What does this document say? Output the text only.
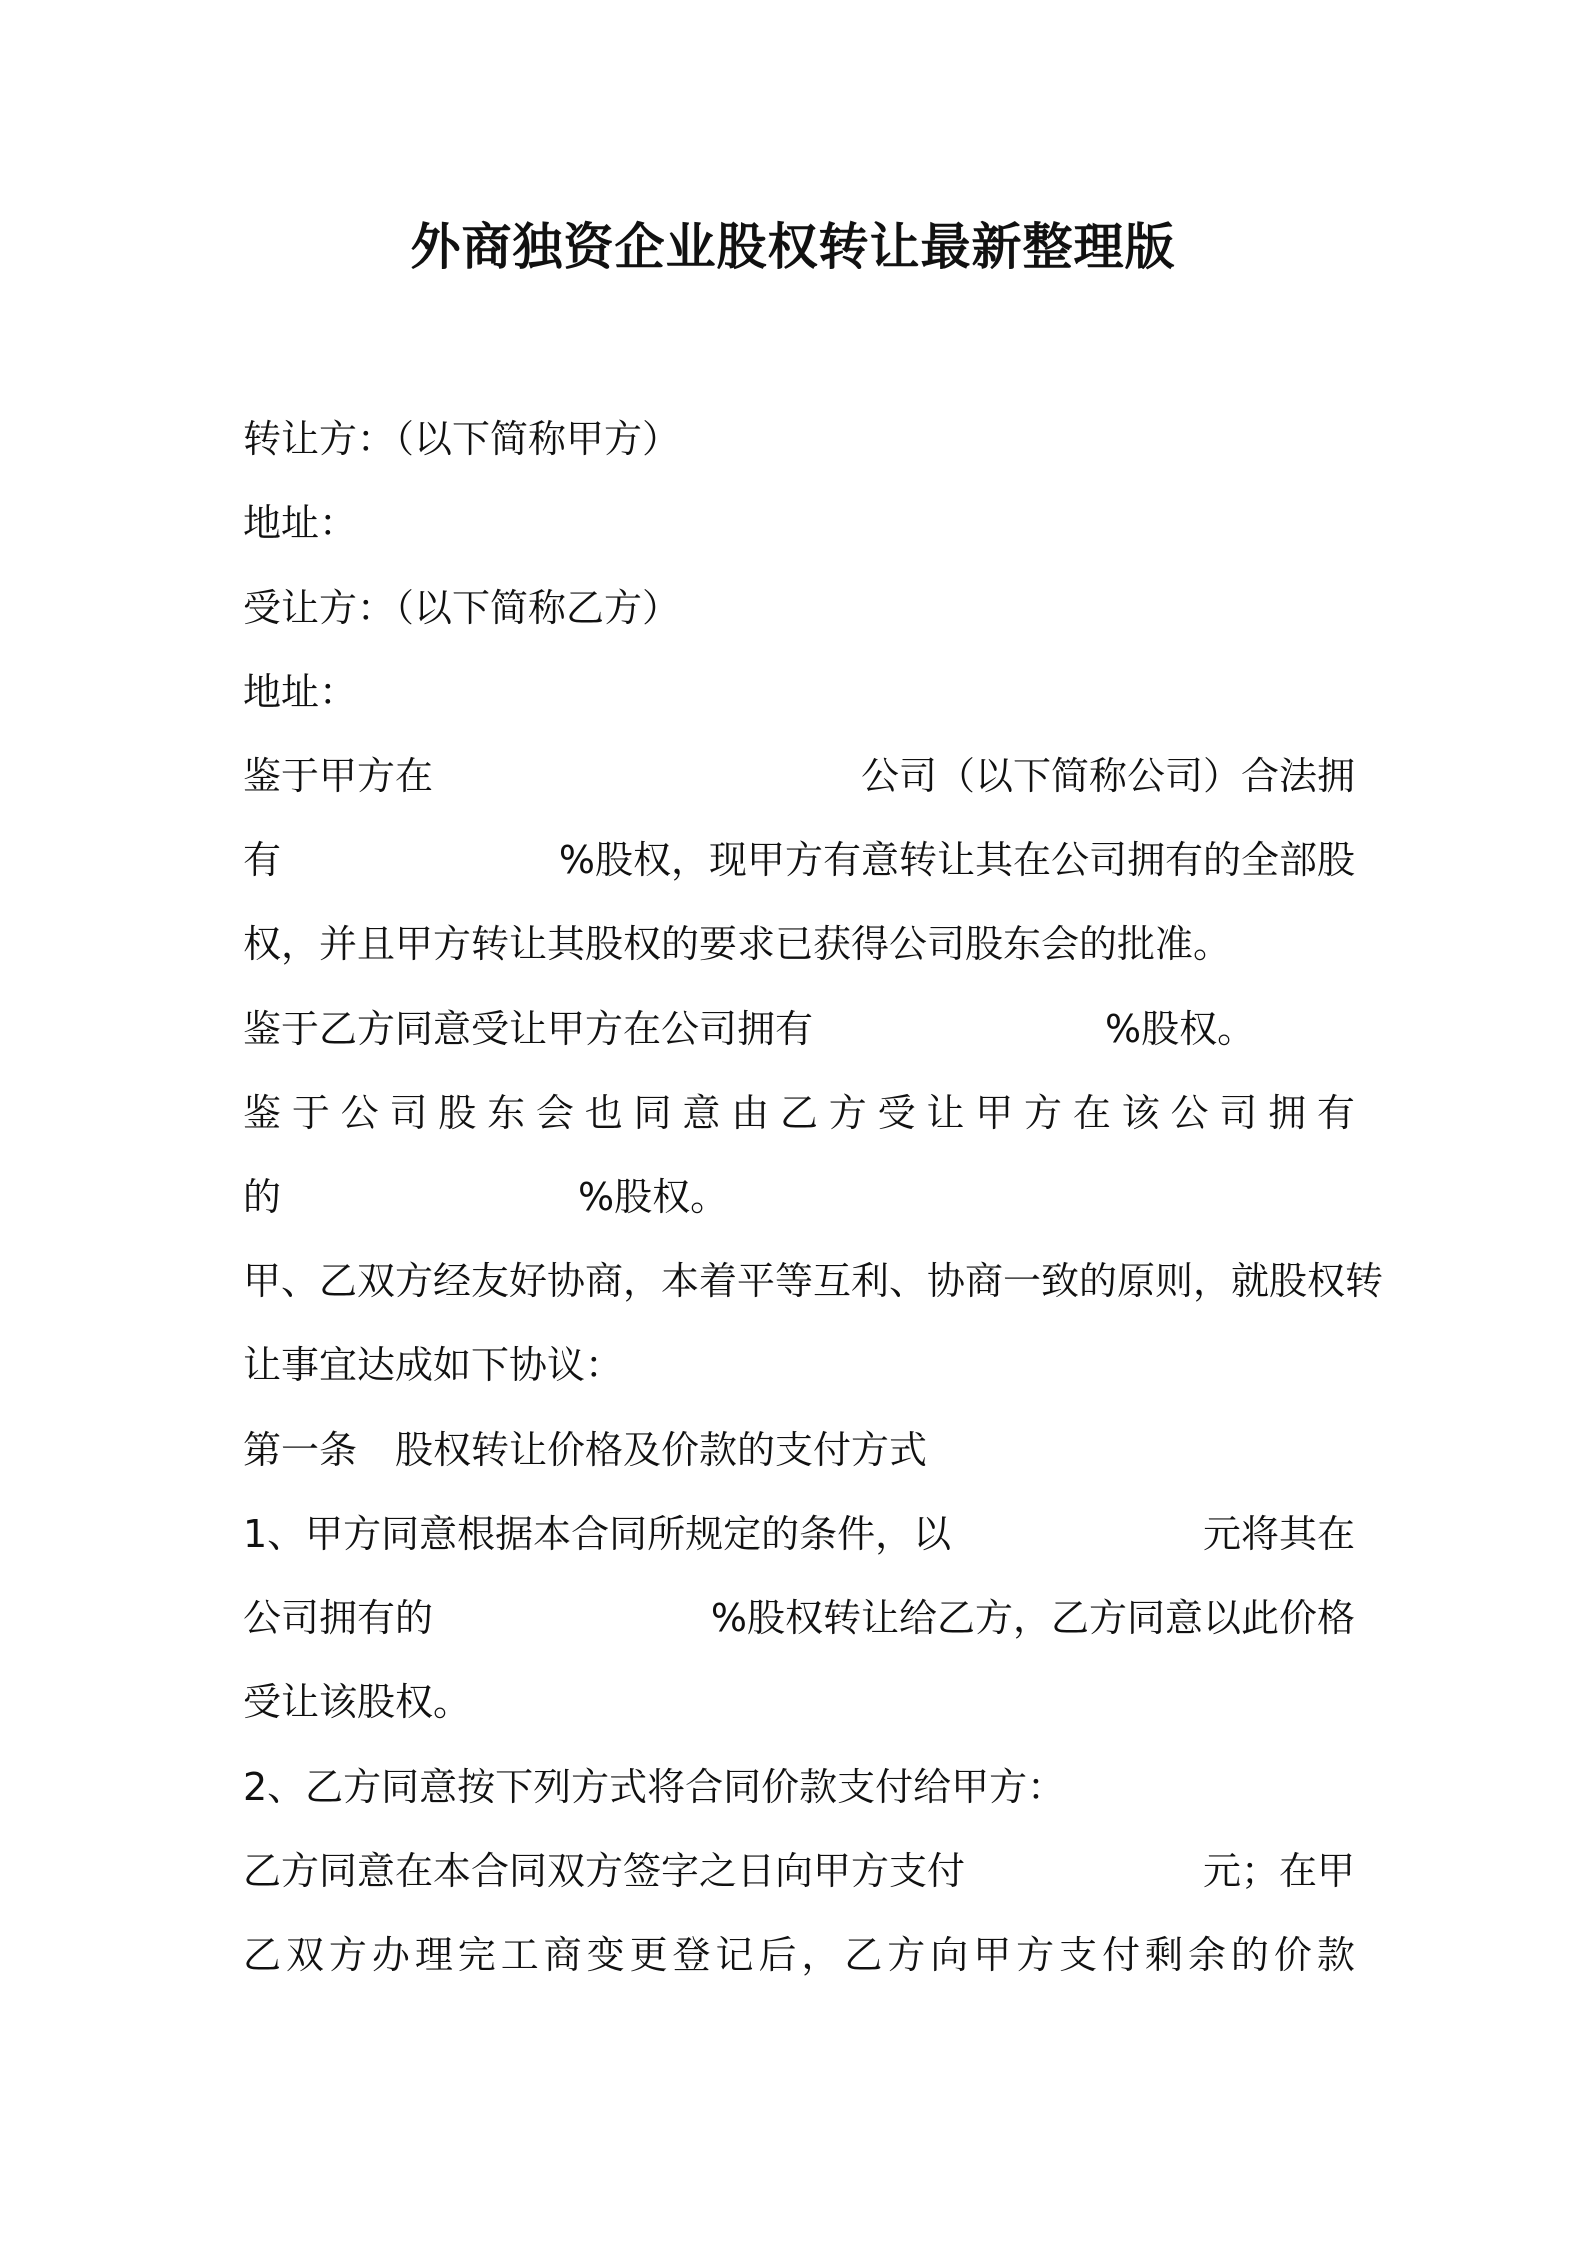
外商独资企业股权转让最新整理版
转让方：（以下简称甲方）
地址：
受让方：（以下简称乙方）
地址：
鉴于甲方在	公司（以下简称公司）合法拥
有	%股权，现甲方有意转让其在公司拥有的全部股
权，并且甲方转让其股权的要求已获得公司股东会的批准。
鉴于乙方同意受让甲方在公司拥有	%股权。
鉴 于 公 司 股 东 会 也 同 意 由 乙 方 受 让 甲 方 在 该 公 司 拥 有
的	%股权。
甲、乙双方经友好协商，本着平等互利、协商一致的原则，就股权转
让事宜达成如下协议：
第一条　股权转让价格及价款的支付方式
1、甲方同意根据本合同所规定的条件，以	元将其在
公司拥有的	%股权转让给乙方，乙方同意以此价格
受让该股权。
2、乙方同意按下列方式将合同价款支付给甲方：
乙方同意在本合同双方签字之日向甲方支付	元；在甲
乙 双 方 办 理 完 工 商 变 更 登 记 后 ， 乙 方 向 甲 方 支 付 剩 余 的 价 款
